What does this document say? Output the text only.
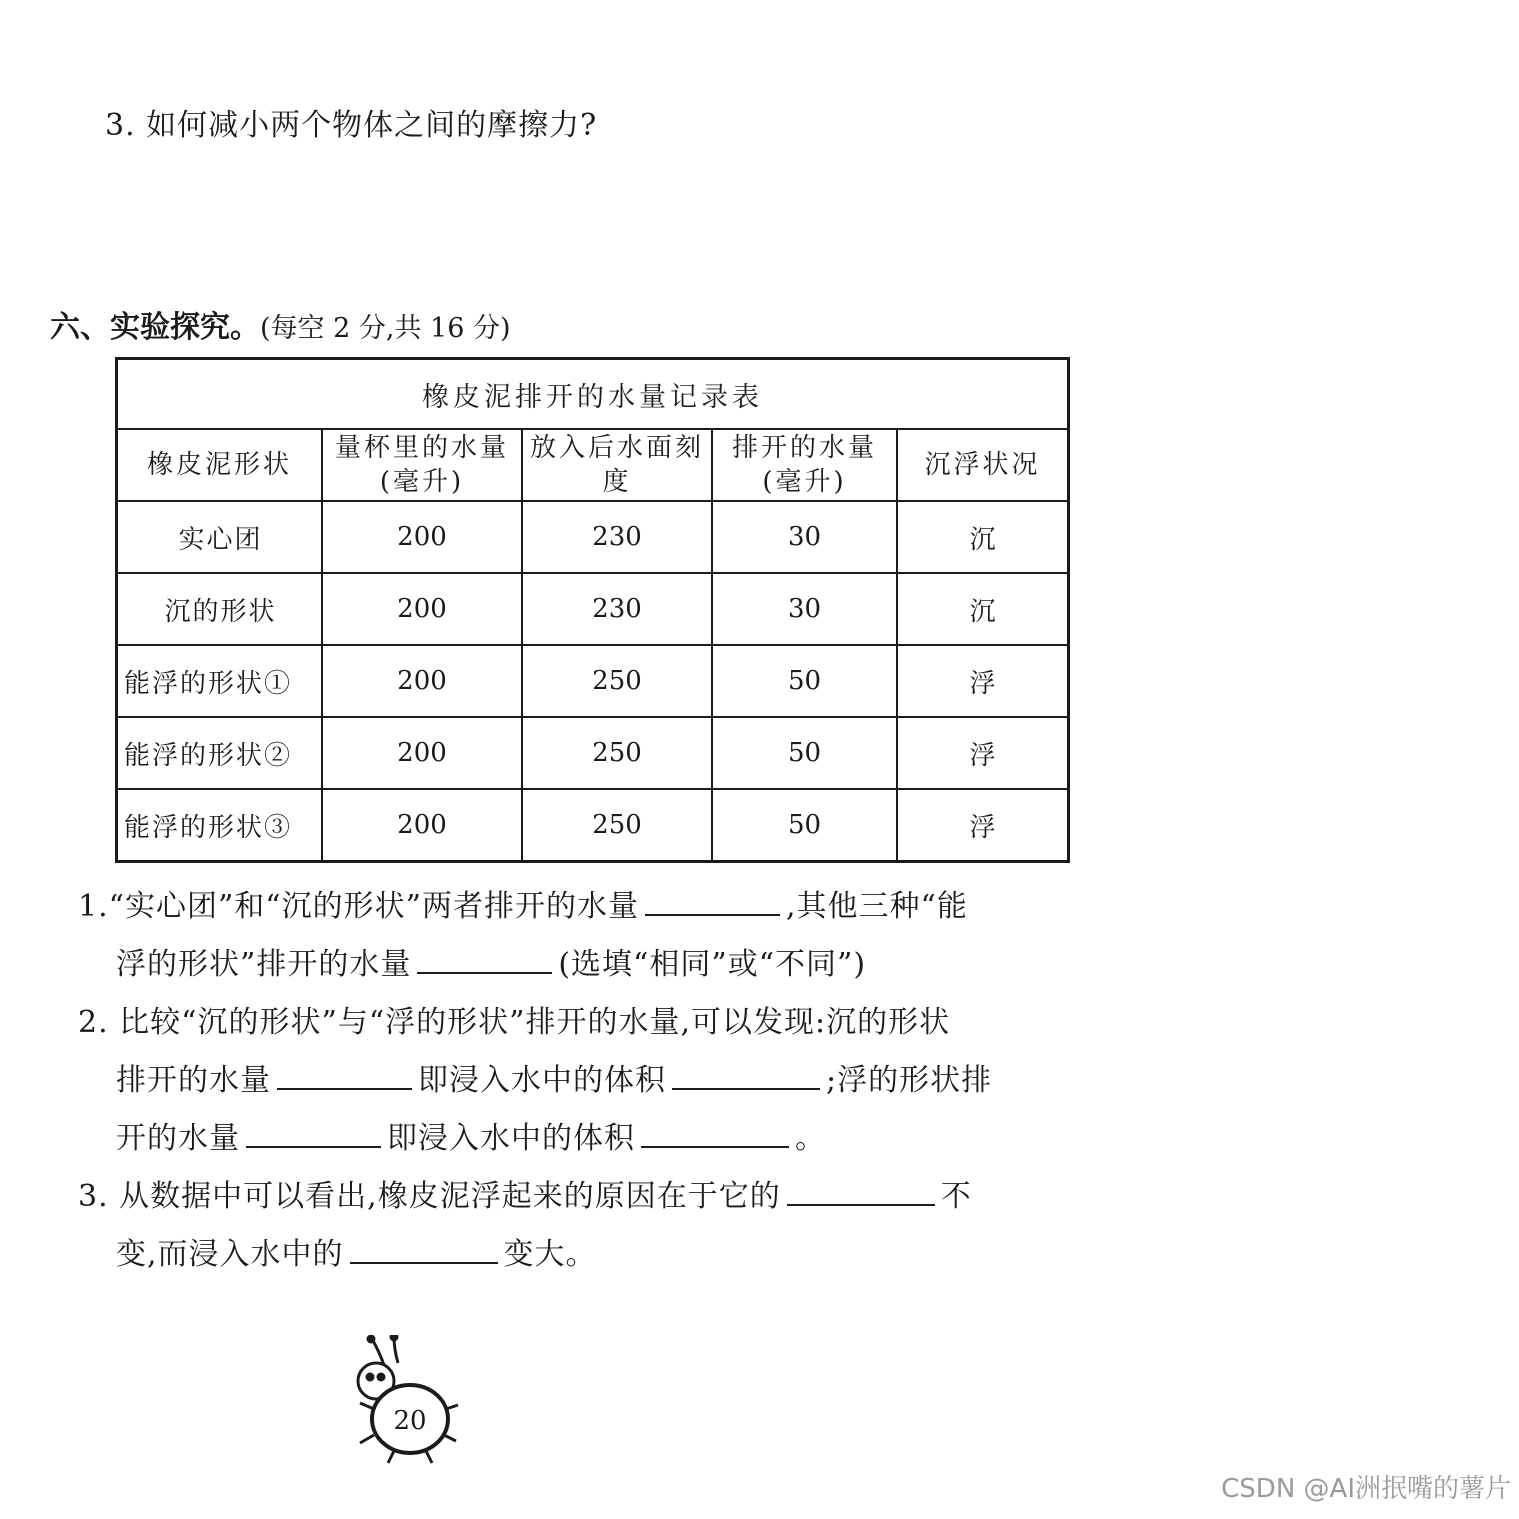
3. 如何减小两个物体之间的摩擦力?
六、实验探究。(每空 2 分,共 16 分)
橡皮泥排开的水量记录表				
橡皮泥形状	量杯里的水量(毫升)	放入后水面刻度	排开的水量(毫升)	沉浮状况
实心团	200	230	30	沉
沉的形状	200	230	30	沉
能浮的形状①	200	250	50	浮
能浮的形状②	200	250	50	浮
能浮的形状③	200	250	50	浮
1.“实心团”和“沉的形状”两者排开的水量	,其他三种“能
浮的形状”排开的水量	(选填“相同”或“不同”)
2. 比较“沉的形状”与“浮的形状”排开的水量,可以发现:沉的形状
排开的水量	即浸入水中的体积	;浮的形状排
开的水量	即浸入水中的体积	。
3. 从数据中可以看出,橡皮泥浮起来的原因在于它的	不
变,而浸入水中的	变大。
20
CSDN @AI洲抿嘴的薯片
